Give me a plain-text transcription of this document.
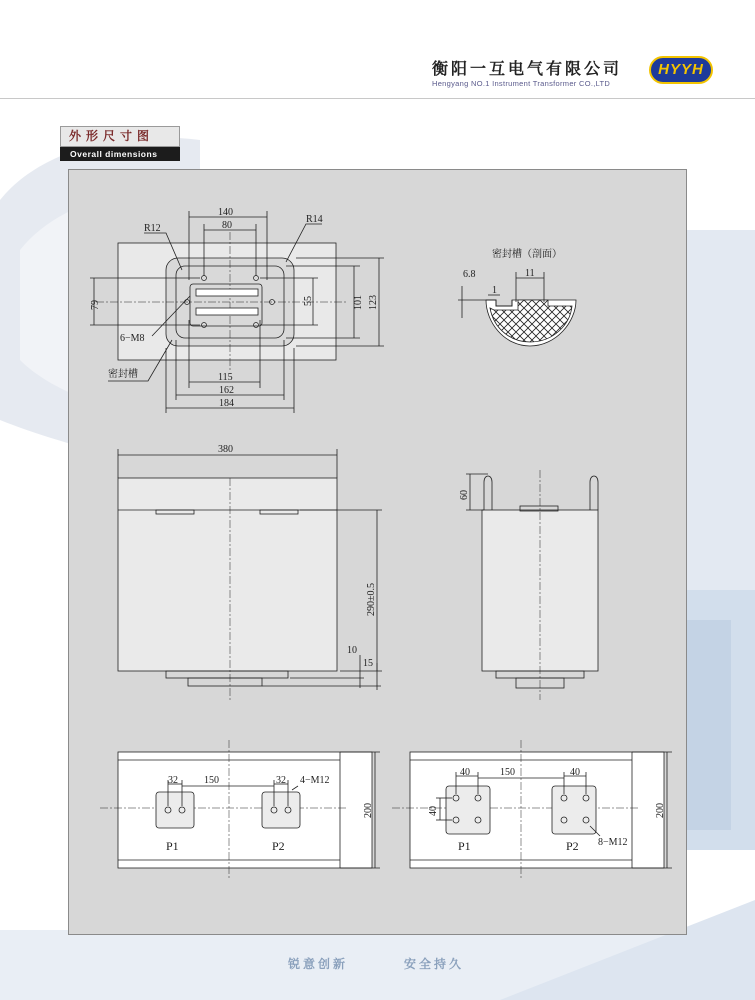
衡阳一互电气有限公司
Hengyang NO.1 Instrument Transformer CO.,LTD
HYYH
外形尺寸图
Overall dimensions
140
80
R12
R14
79	55	101 123
6−M8
密封槽	115
162
184
密封槽（剖面）
6.8	11
1
380
290±0.5
10
15
60
32	150	32 4−M12
200
P1	P2
40	150	40
40	200
P1	P2 8−M12
锐意创新	安全持久
